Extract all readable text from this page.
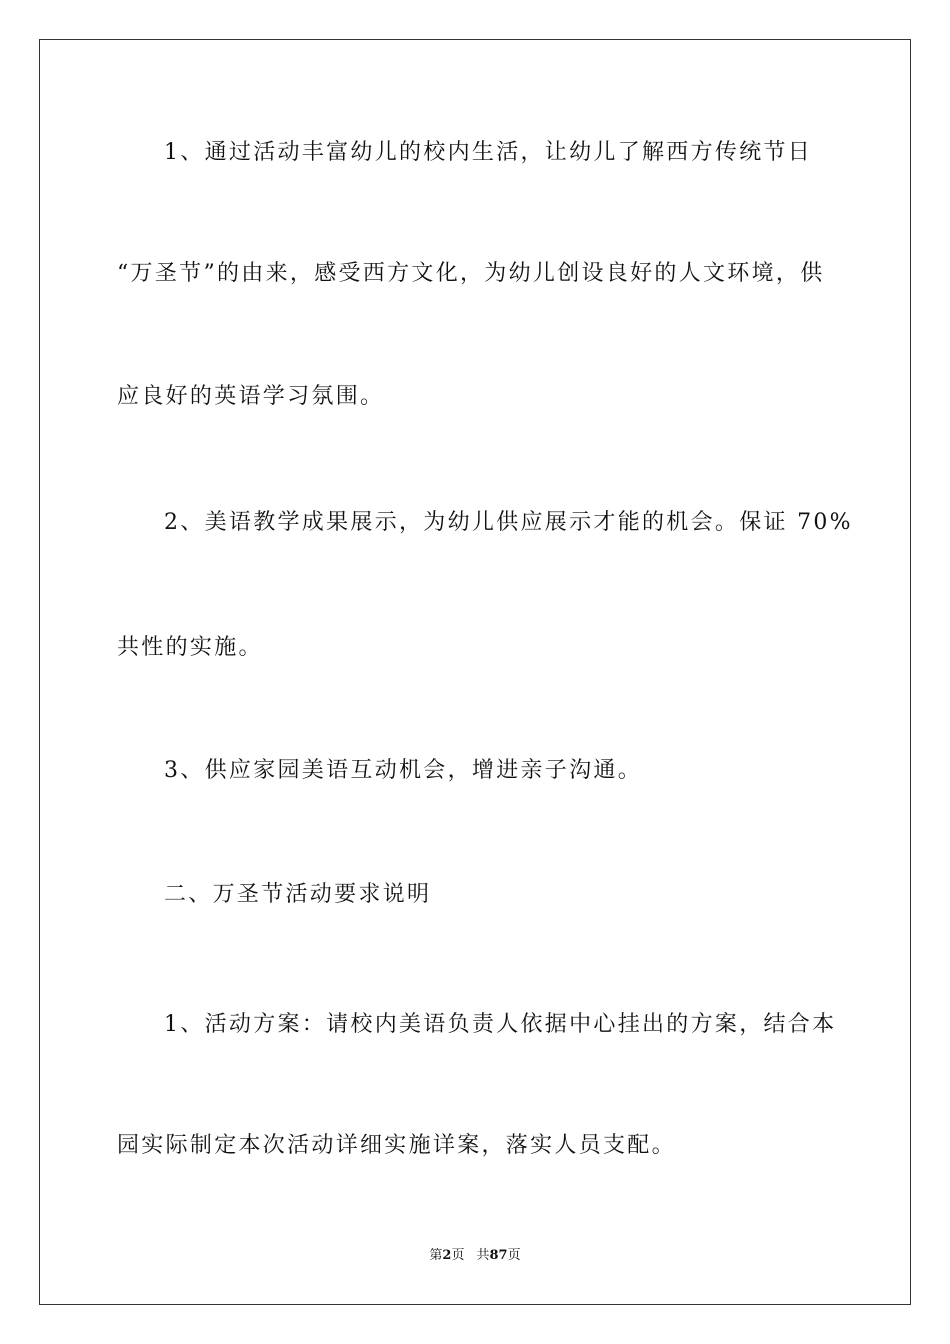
1、通过活动丰富幼儿的校内生活，让幼儿了解西方传统节日
“万圣节”的由来，感受西方文化，为幼儿创设良好的人文环境，供
应良好的英语学习氛围。
2、美语教学成果展示，为幼儿供应展示才能的机会。保证 70%
共性的实施。
3、供应家园美语互动机会，增进亲子沟通。
二、万圣节活动要求说明
1、活动方案：请校内美语负责人依据中心挂出的方案，结合本
园实际制定本次活动详细实施详案，落实人员支配。
第2页 共87页
